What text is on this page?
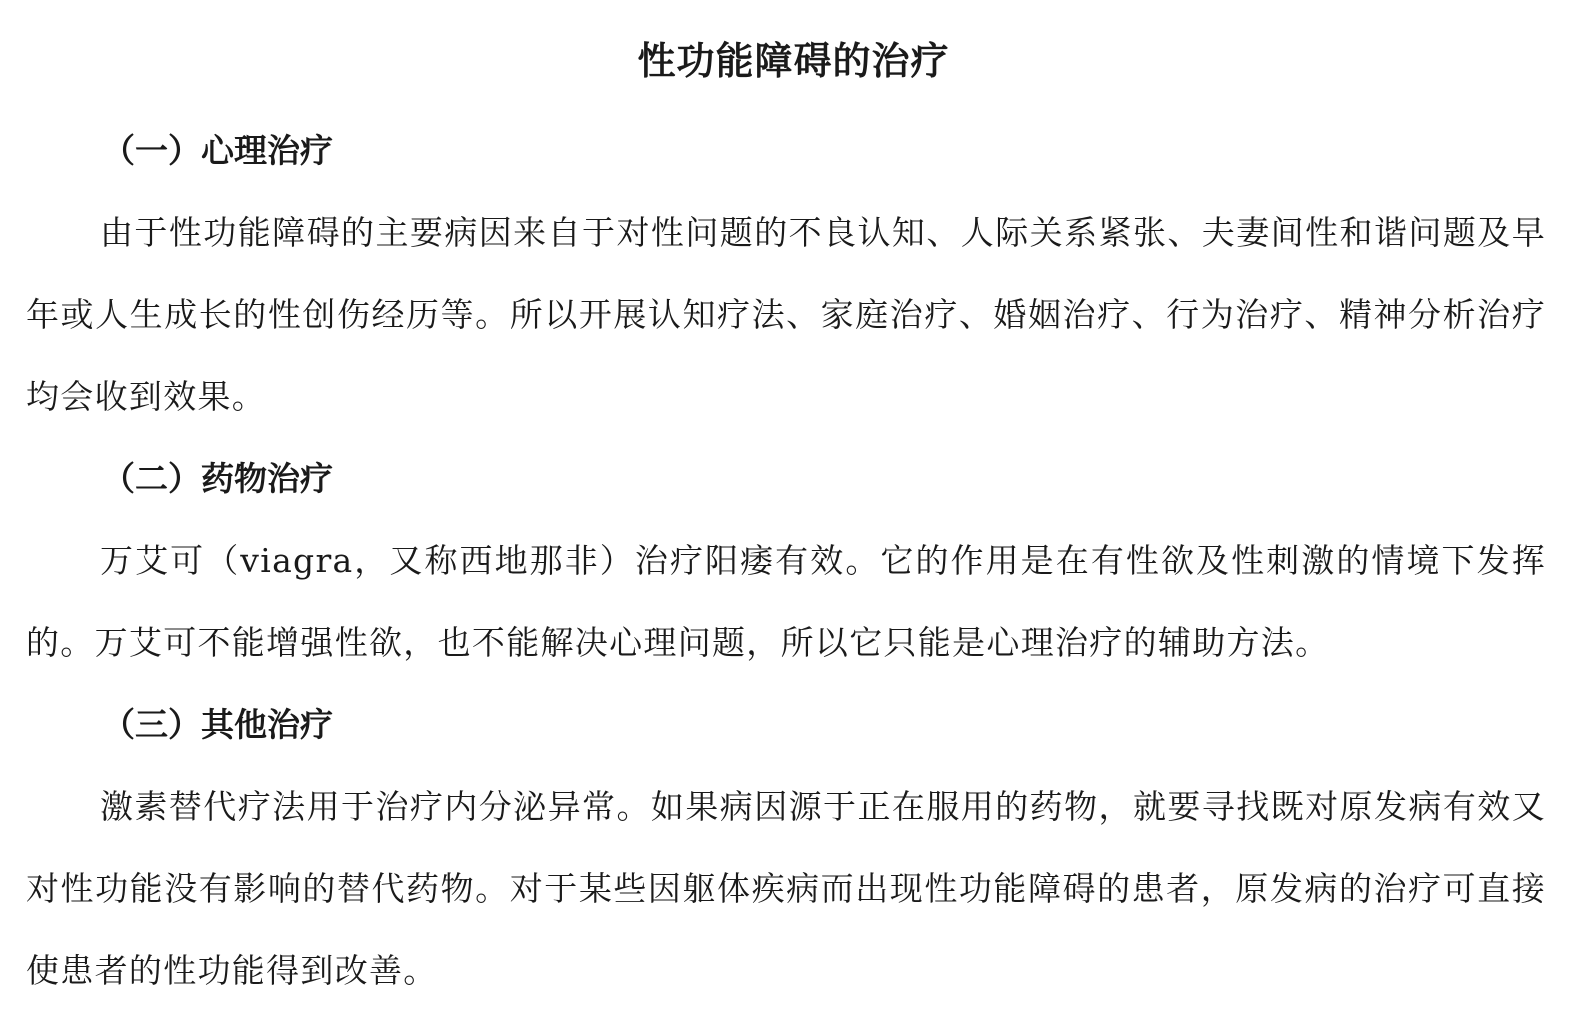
性功能障碍的治疗
（一）心理治疗

由于性功能障碍的主要病因来自于对性问题的不良认知、人际关系紧张、夫妻间性和谐问题及早年或人生成长的性创伤经历等。所以开展认知疗法、家庭治疗、婚姻治疗、行为治疗、精神分析治疗均会收到效果。

（二）药物治疗

万艾可（viagra，又称西地那非）治疗阳痿有效。它的作用是在有性欲及性刺激的情境下发挥的。万艾可不能增强性欲，也不能解决心理问题，所以它只能是心理治疗的辅助方法。

（三）其他治疗

激素替代疗法用于治疗内分泌异常。如果病因源于正在服用的药物，就要寻找既对原发病有效又对性功能没有影响的替代药物。对于某些因躯体疾病而出现性功能障碍的患者，原发病的治疗可直接使患者的性功能得到改善。
